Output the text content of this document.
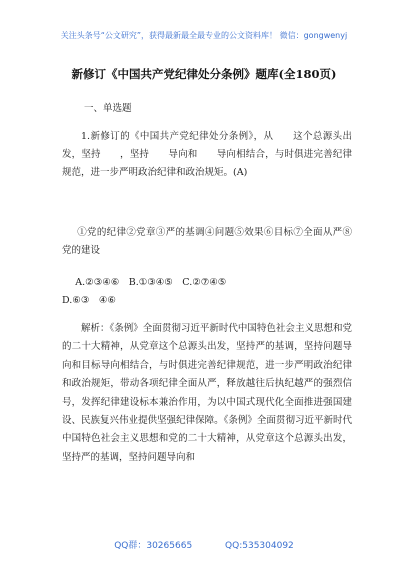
关注头条号“公文研究”，获得最新最全最专业的公文资料库！ 微信：gongwenyj
新修订《中国共产党纪律处分条例》题库(全180页)
一、单选题
1.新修订的《中国共产党纪律处分条例》，从　　这个总源头出发，坚持　　，坚持　　导向和　　导向相结合，与时俱进完善纪律规范，进一步严明政治纪律和政治规矩。(A)
①党的纪律②党章③严的基调④问题⑤效果⑥目标⑦全面从严⑧党的建设
A.②③④⑥　B.①③④⑤　C.②⑦④⑤
D.⑥③　④⑥
解析：《条例》全面贯彻习近平新时代中国特色社会主义思想和党的二十大精神，从党章这个总源头出发，坚持严的基调，坚持问题导向和目标导向相结合，与时俱进完善纪律规范，进一步严明政治纪律和政治规矩，带动各项纪律全面从严，释放越往后执纪越严的强烈信号，发挥纪律建设标本兼治作用，为以中国式现代化全面推进强国建设、民族复兴伟业提供坚强纪律保障。《条例》全面贯彻习近平新时代中国特色社会主义思想和党的二十大精神，从党章这个总源头出发，坚持严的基调，坚持问题导向和
QQ群：30265665	QQ:535304092
